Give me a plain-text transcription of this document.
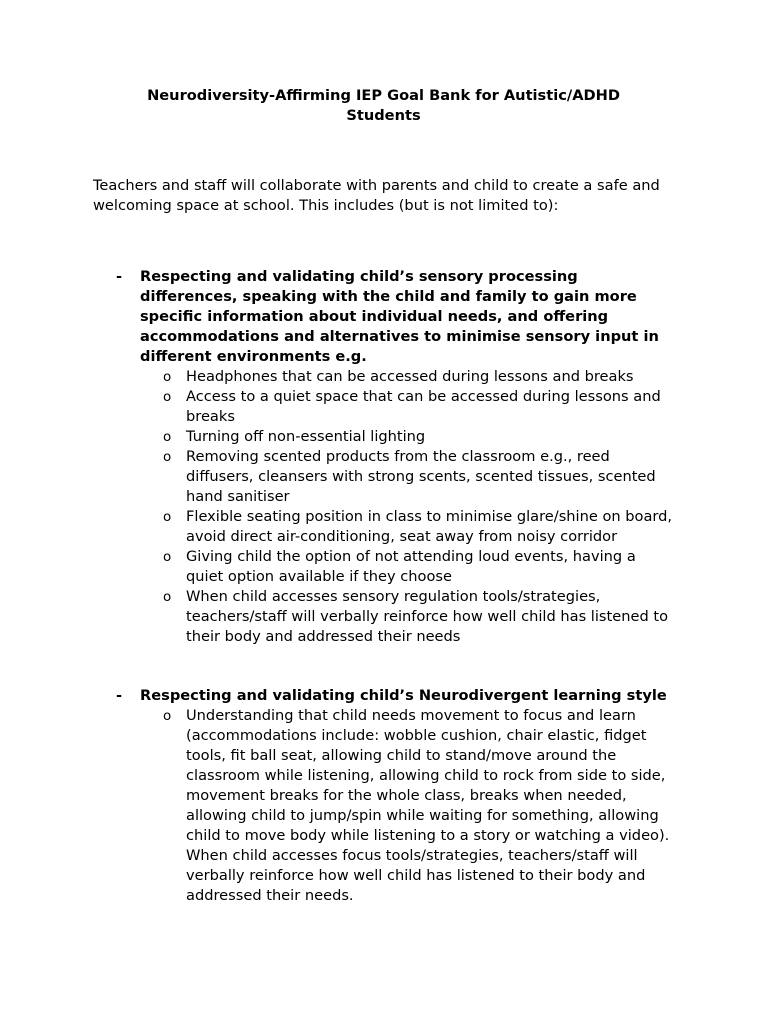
Neurodiversity-Affirming IEP Goal Bank for Autistic/ADHD Students

Teachers and staff will collaborate with parents and child to create a safe and welcoming space at school. This includes (but is not limited to):

- Respecting and validating child’s sensory processing differences, speaking with the child and family to gain more specific information about individual needs, and offering accommodations and alternatives to minimise sensory input in different environments e.g.

o Headphones that can be accessed during lessons and breaks
o Access to a quiet space that can be accessed during lessons and breaks
o Turning off non-essential lighting
o Removing scented products from the classroom e.g., reed diffusers, cleansers with strong scents, scented tissues, scented hand sanitiser
o Flexible seating position in class to minimise glare/shine on board, avoid direct air-conditioning, seat away from noisy corridor
o Giving child the option of not attending loud events, having a quiet option available if they choose
o When child accesses sensory regulation tools/strategies, teachers/staff will verbally reinforce how well child has listened to their body and addressed their needs
- Respecting and validating child’s Neurodivergent learning style

o Understanding that child needs movement to focus and learn (accommodations include: wobble cushion, chair elastic, fidget tools, fit ball seat, allowing child to stand/move around the classroom while listening, allowing child to rock from side to side, movement breaks for the whole class, breaks when needed, allowing child to jump/spin while waiting for something, allowing child to move body while listening to a story or watching a video). When child accesses focus tools/strategies, teachers/staff will verbally reinforce how well child has listened to their body and addressed their needs.
